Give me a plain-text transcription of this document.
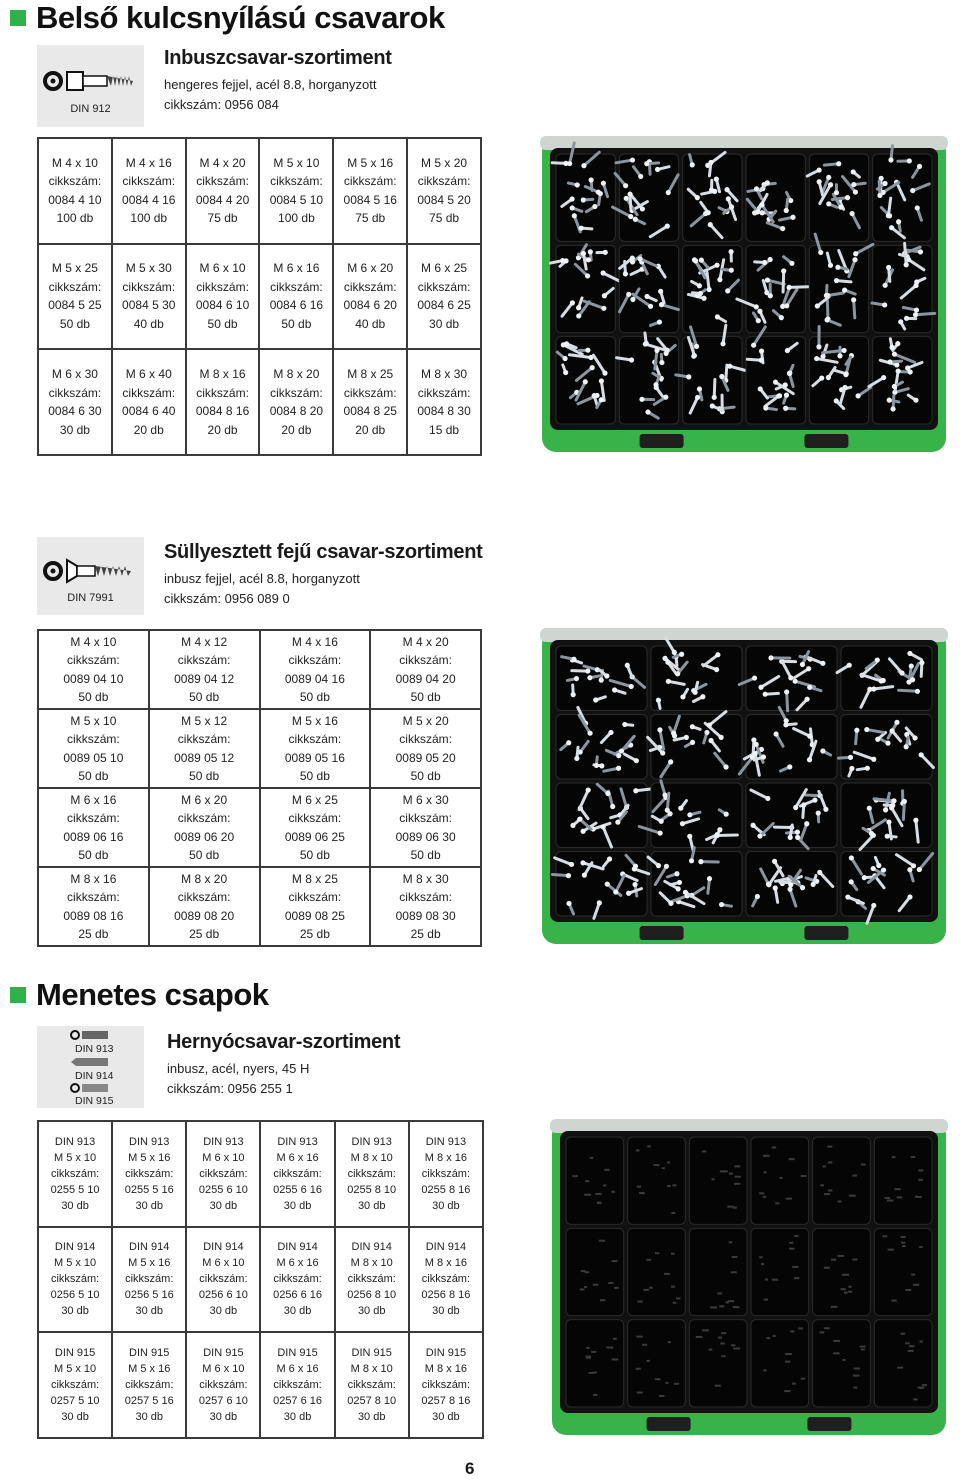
Belső kulcsnyílású csavarok
DIN 912
Inbuszcsavar-szortiment
hengeres fejjel, acél 8.8, horganyzott
cikkszám: 0956 084
M 4 x 10
cikkszám:
0084 4 10
100 db	M 4 x 16
cikkszám:
0084 4 16
100 db	M 4 x 20
cikkszám:
0084 4 20
75 db	M 5 x 10
cikkszám:
0084 5 10
100 db	M 5 x 16
cikkszám:
0084 5 16
75 db	M 5 x 20
cikkszám:
0084 5 20
75 db

M 5 x 25
cikkszám:
0084 5 25
50 db	M 5 x 30
cikkszám:
0084 5 30
40 db	M 6 x 10
cikkszám:
0084 6 10
50 db	M 6 x 16
cikkszám:
0084 6 16
50 db	M 6 x 20
cikkszám:
0084 6 20
40 db	M 6 x 25
cikkszám:
0084 6 25
30 db

M 6 x 30
cikkszám:
0084 6 30
30 db	M 6 x 40
cikkszám:
0084 6 40
20 db	M 8 x 16
cikkszám:
0084 8 16
20 db	M 8 x 20
cikkszám:
0084 8 20
20 db	M 8 x 25
cikkszám:
0084 8 25
20 db	M 8 x 30
cikkszám:
0084 8 30
15 db
DIN 7991
Süllyesztett fejű csavar-szortiment
inbusz fejjel, acél 8.8, horganyzott
cikkszám: 0956 089 0
M 4 x 10
cikkszám:
0089 04 10
50 db	M 4 x 12
cikkszám:
0089 04 12
50 db	M 4 x 16
cikkszám:
0089 04 16
50 db	M 4 x 20
cikkszám:
0089 04 20
50 db

M 5 x 10
cikkszám:
0089 05 10
50 db	M 5 x 12
cikkszám:
0089 05 12
50 db	M 5 x 16
cikkszám:
0089 05 16
50 db	M 5 x 20
cikkszám:
0089 05 20
50 db

M 6 x 16
cikkszám:
0089 06 16
50 db	M 6 x 20
cikkszám:
0089 06 20
50 db	M 6 x 25
cikkszám:
0089 06 25
50 db	M 6 x 30
cikkszám:
0089 06 30
50 db

M 8 x 16
cikkszám:
0089 08 16
25 db	M 8 x 20
cikkszám:
0089 08 20
25 db	M 8 x 25
cikkszám:
0089 08 25
25 db	M 8 x 30
cikkszám:
0089 08 30
25 db
Menetes csapok
DIN 913
DIN 914
DIN 915
Hernyócsavar-szortiment
inbusz, acél, nyers, 45 H
cikkszám: 0956 255 1
DIN 913
M 5 x 10
cikkszám:
0255 5 10
30 db	DIN 913
M 5 x 16
cikkszám:
0255 5 16
30 db	DIN 913
M 6 x 10
cikkszám:
0255 6 10
30 db	DIN 913
M 6 x 16
cikkszám:
0255 6 16
30 db	DIN 913
M 8 x 10
cikkszám:
0255 8 10
30 db	DIN 913
M 8 x 16
cikkszám:
0255 8 16
30 db

DIN 914
M 5 x 10
cikkszám:
0256 5 10
30 db	DIN 914
M 5 x 16
cikkszám:
0256 5 16
30 db	DIN 914
M 6 x 10
cikkszám:
0256 6 10
30 db	DIN 914
M 6 x 16
cikkszám:
0256 6 16
30 db	DIN 914
M 8 x 10
cikkszám:
0256 8 10
30 db	DIN 914
M 8 x 16
cikkszám:
0256 8 16
30 db

DIN 915
M 5 x 10
cikkszám:
0257 5 10
30 db	DIN 915
M 5 x 16
cikkszám:
0257 5 16
30 db	DIN 915
M 6 x 10
cikkszám:
0257 6 10
30 db	DIN 915
M 6 x 16
cikkszám:
0257 6 16
30 db	DIN 915
M 8 x 10
cikkszám:
0257 8 10
30 db	DIN 915
M 8 x 16
cikkszám:
0257 8 16
30 db
6
